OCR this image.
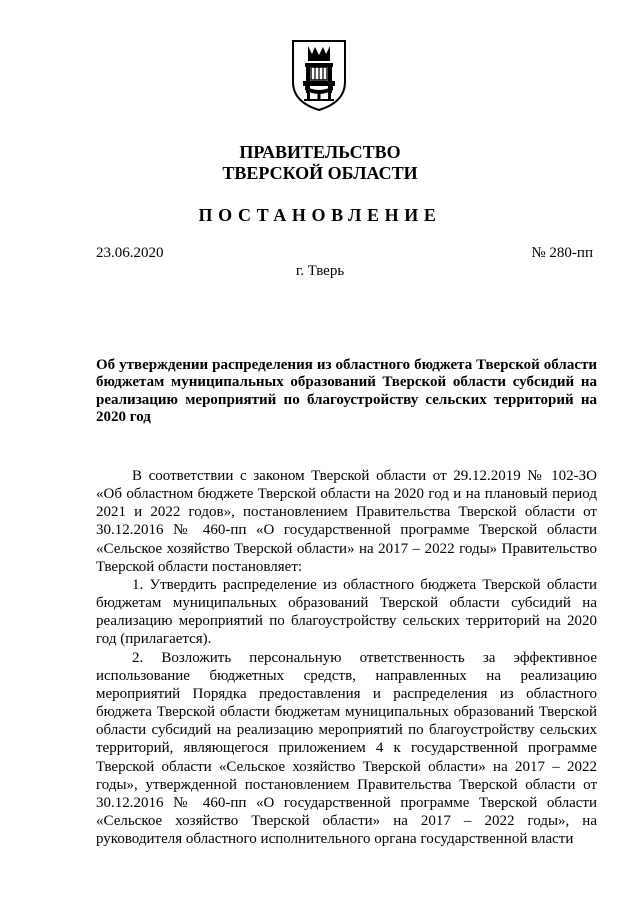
ПРАВИТЕЛЬСТВО
ТВЕРСКОЙ ОБЛАСТИ
ПОСТАНОВЛЕНИЕ
23.06.2020	№ 280-пп
г. Тверь
Об утверждении распределения из областного бюджета Тверской области бюджетам муниципальных образований Тверской области субсидий на реализацию мероприятий по благоустройству сельских территорий на 2020 год

В соответствии с законом Тверской области от 29.12.2019 № 102-ЗО «Об областном бюджете Тверской области на 2020 год и на плановый период 2021 и 2022 годов», постановлением Правительства Тверской области от 30.12.2016 № 460-пп «О государственной программе Тверской области «Сельское хозяйство Тверской области» на 2017 – 2022 годы» Правительство Тверской области постановляет:

1. Утвердить распределение из областного бюджета Тверской области бюджетам муниципальных образований Тверской области субсидий на реализацию мероприятий по благоустройству сельских территорий на 2020 год (прилагается).

2. Возложить персональную ответственность за эффективное использование бюджетных средств, направленных на реализацию мероприятий Порядка предоставления и распределения из областного бюджета Тверской области бюджетам муниципальных образований Тверской области субсидий на реализацию мероприятий по благоустройству сельских территорий, являющегося приложением 4 к государственной программе Тверской области «Сельское хозяйство Тверской области» на 2017 – 2022 годы», утвержденной постановлением Правительства Тверской области от 30.12.2016 № 460-пп «О государственной программе Тверской области «Сельское хозяйство Тверской области» на 2017 – 2022 годы», на руководителя областного исполнительного органа государственной власти
